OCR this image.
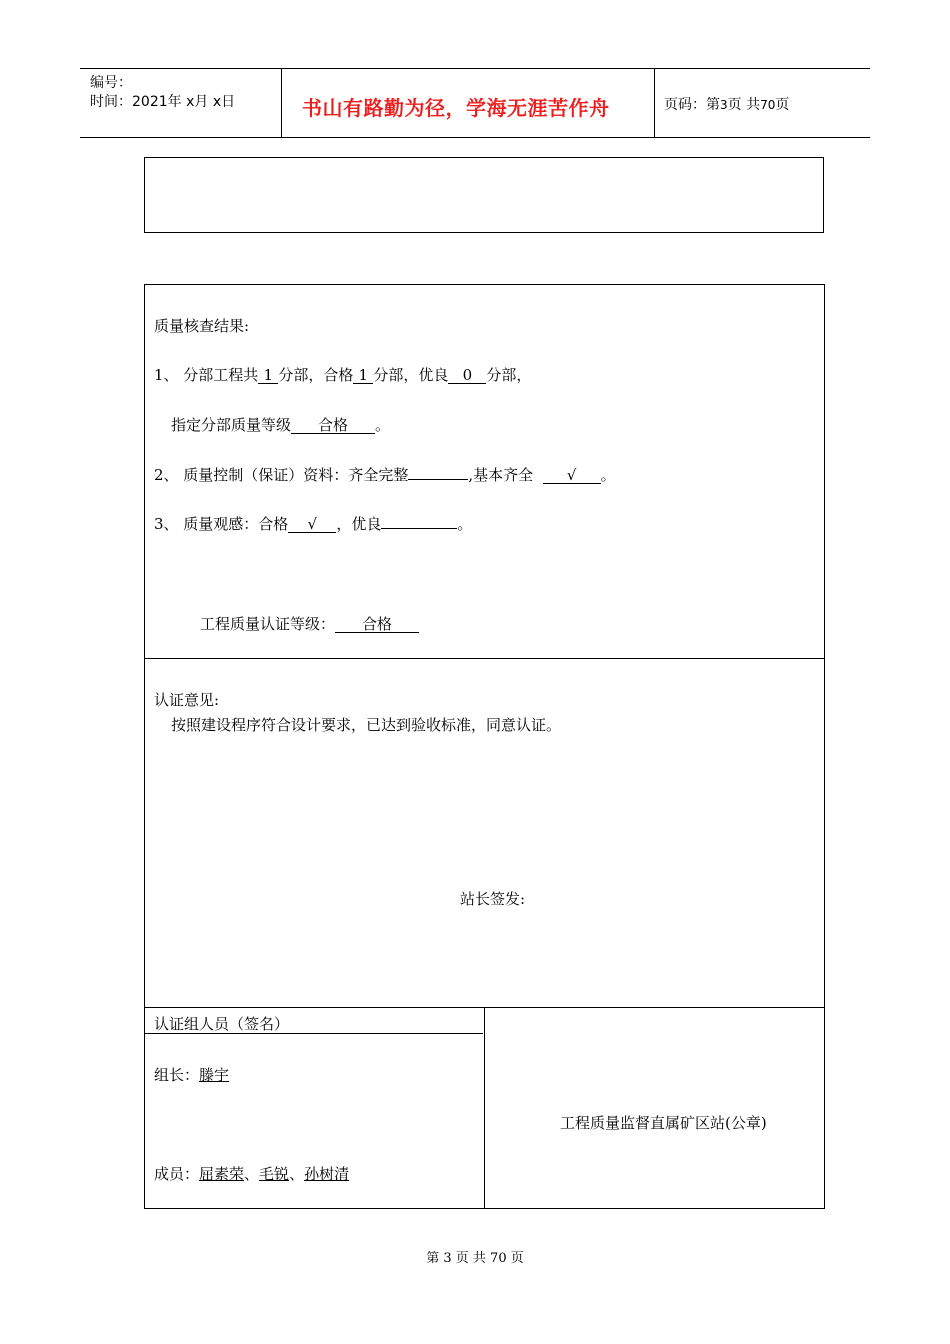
编号：
时间：2021年 x月 x日	书山有路勤为径，学海无涯苦作舟	页码：第3页 共70页
质量核查结果:
1、 分部工程共 1 分部，合格 1 分部，优良 0 分部，
指定分部质量等级 合格 。
2、 质量控制（保证）资料：齐全完整	,基本齐全 √ 。
3、 质量观感：合格 √ ，优良	。
工程质量认证等级： 合格
认证意见:
按照建设程序符合设计要求，已达到验收标准，同意认证。
站长签发:
认证组人员（签名）
组长：滕宇
成员：屈素荣、毛锐、孙树清
工程质量监督直属矿区站(公章)
第 3 页 共 70 页
